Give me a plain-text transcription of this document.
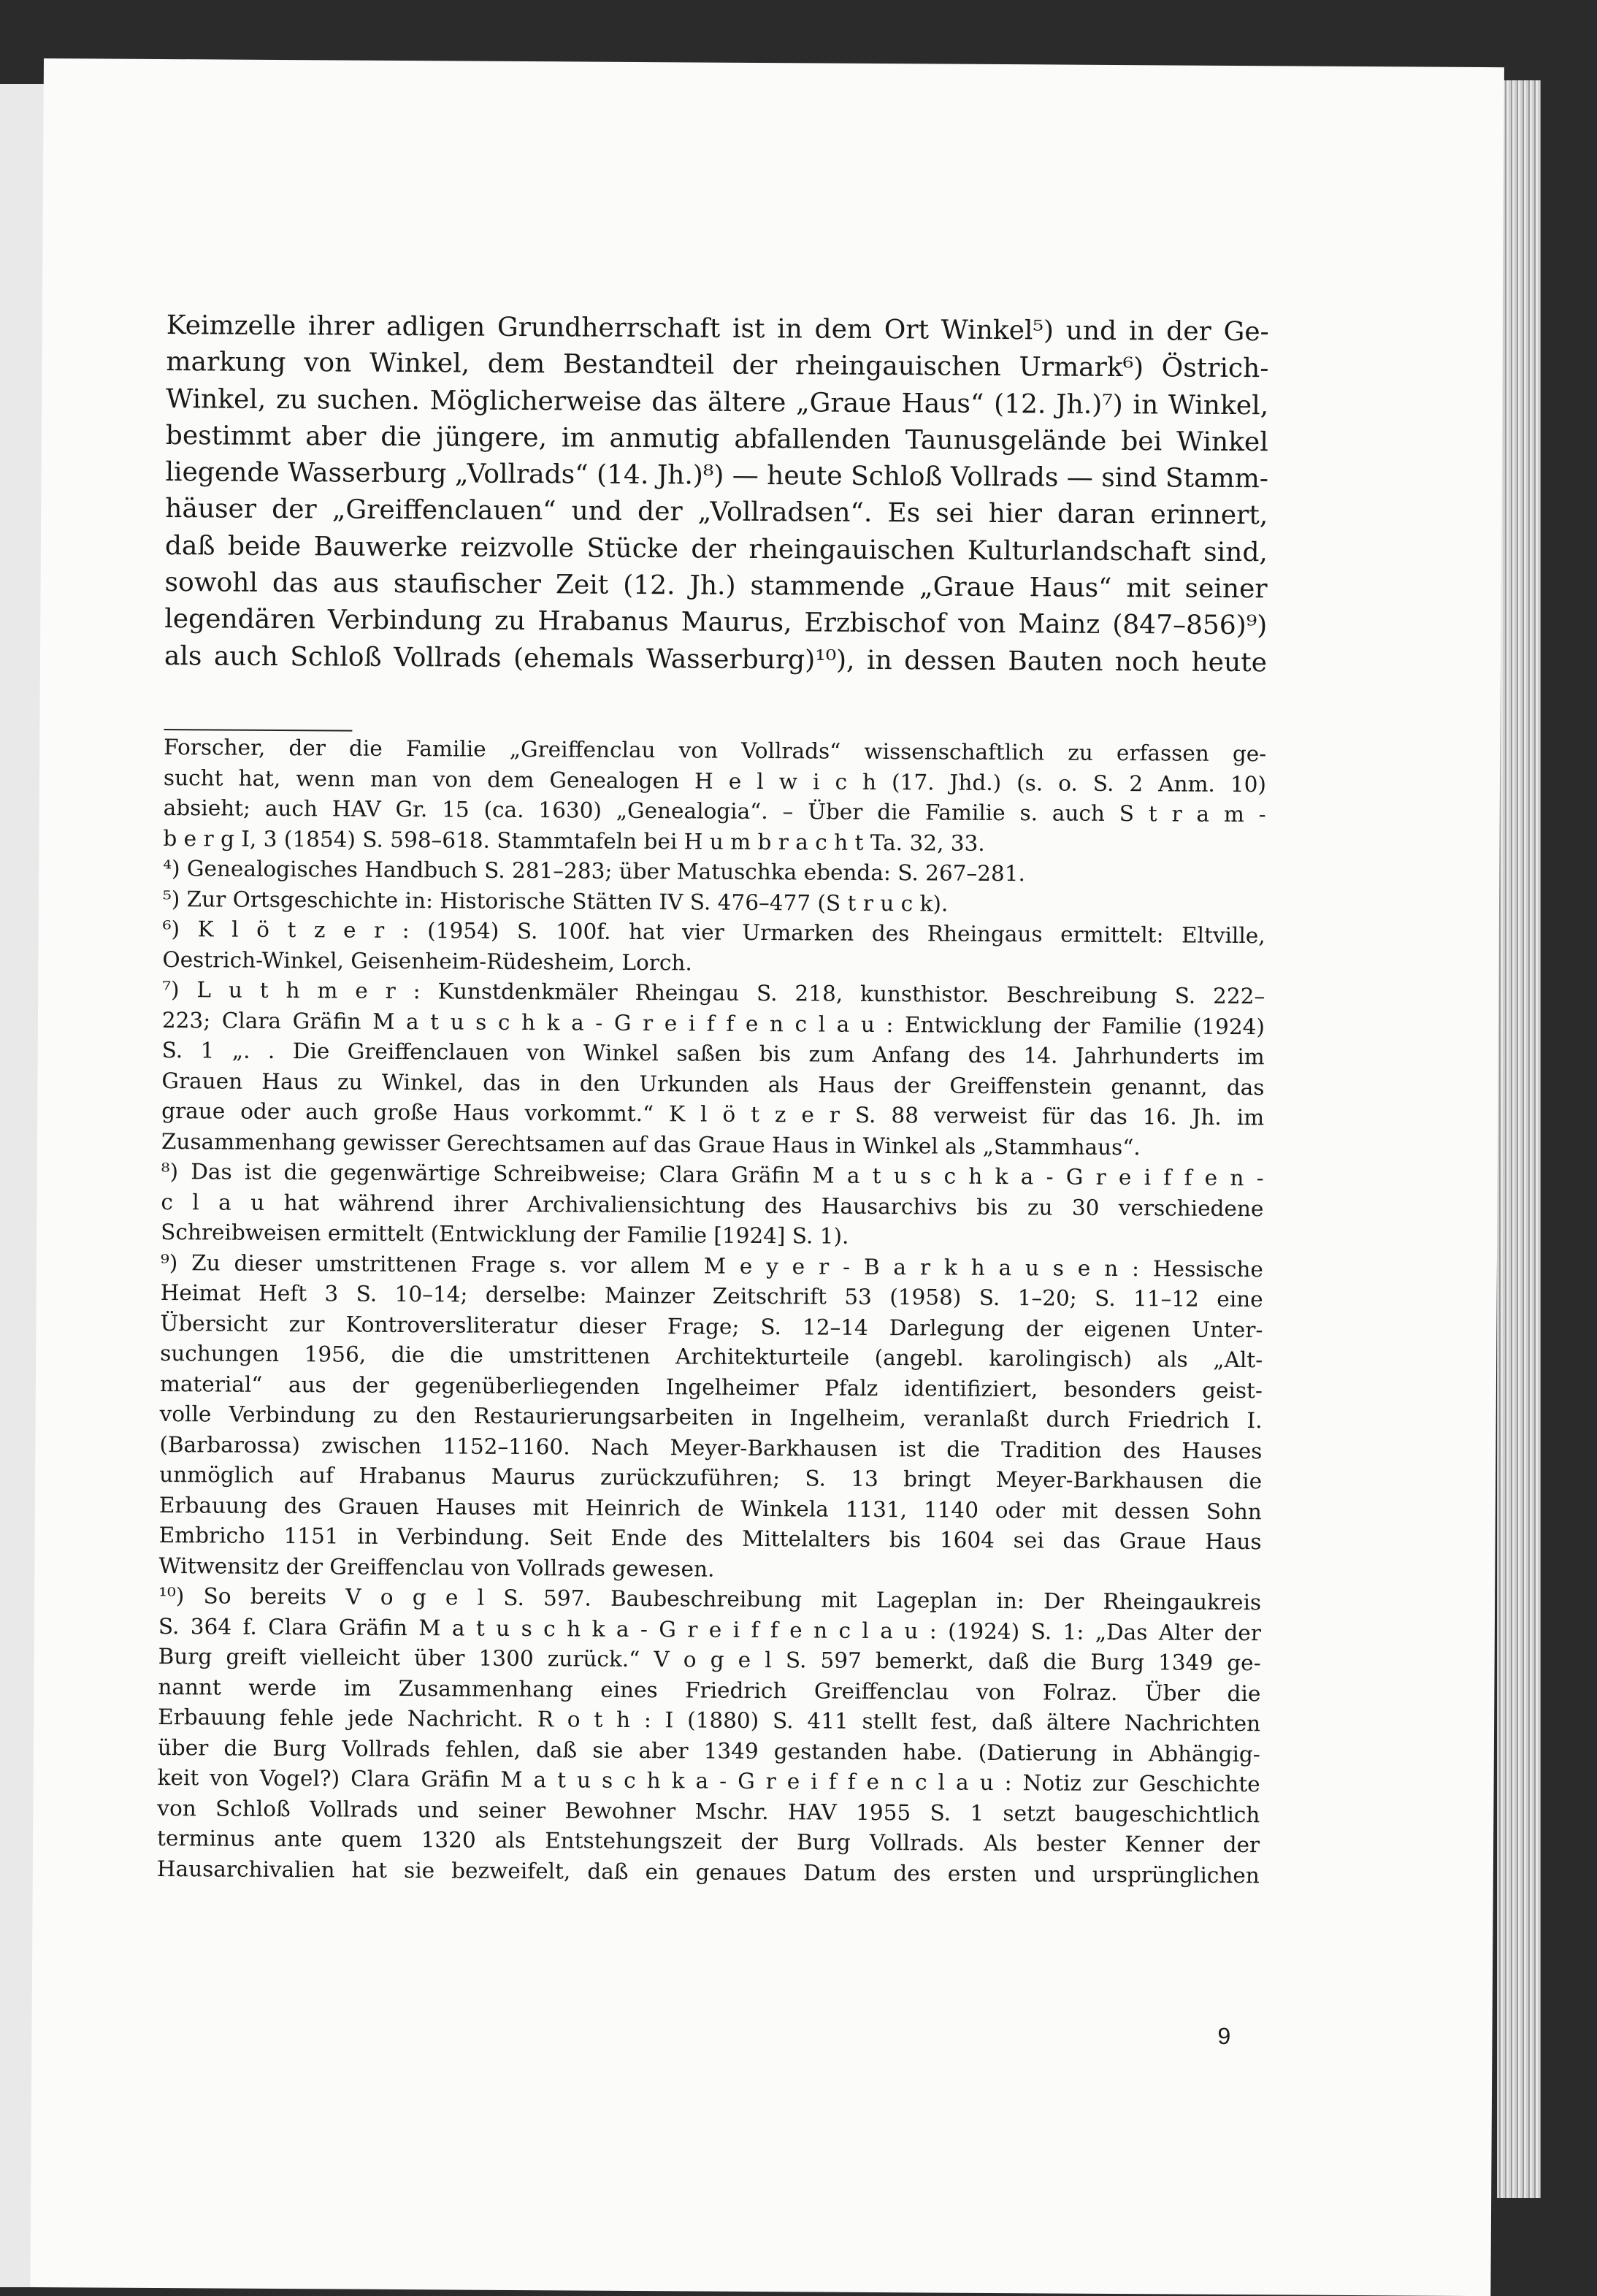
Keimzelle ihrer adligen Grundherrschaft ist in dem Ort Winkel⁵) und in der Ge-
markung von Winkel, dem Bestandteil der rheingauischen Urmark⁶) Östrich-
Winkel, zu suchen. Möglicherweise das ältere „Graue Haus“ (12. Jh.)⁷) in Winkel,
bestimmt aber die jüngere, im anmutig abfallenden Taunusgelände bei Winkel
liegende Wasserburg „Vollrads“ (14. Jh.)⁸) — heute Schloß Vollrads — sind Stamm-
häuser der „Greiffenclauen“ und der „Vollradsen“. Es sei hier daran erinnert,
daß beide Bauwerke reizvolle Stücke der rheingauischen Kulturlandschaft sind,
sowohl das aus staufischer Zeit (12. Jh.) stammende „Graue Haus“ mit seiner
legendären Verbindung zu Hrabanus Maurus, Erzbischof von Mainz (847–856)⁹)
als auch Schloß Vollrads (ehemals Wasserburg)¹⁰), in dessen Bauten noch heute
Forscher, der die Familie „Greiffenclau von Vollrads“ wissenschaftlich zu erfassen ge-
sucht hat, wenn man von dem Genealogen H e l w i c h (17. Jhd.) (s. o. S. 2 Anm. 10)
absieht; auch HAV Gr. 15 (ca. 1630) „Genealogia“. – Über die Familie s. auch S t r a m -
b e r g I, 3 (1854) S. 598–618. Stammtafeln bei H u m b r a c h t Ta. 32, 33.
⁴) Genealogisches Handbuch S. 281–283; über Matuschka ebenda: S. 267–281.
⁵) Zur Ortsgeschichte in: Historische Stätten IV S. 476–477 (S t r u c k).
⁶) K l ö t z e r : (1954) S. 100f. hat vier Urmarken des Rheingaus ermittelt: Eltville,
Oestrich-Winkel, Geisenheim-Rüdesheim, Lorch.
⁷) L u t h m e r : Kunstdenkmäler Rheingau S. 218, kunsthistor. Beschreibung S. 222–
223; Clara Gräfin M a t u s c h k a - G r e i f f e n c l a u : Entwicklung der Familie (1924)
S. 1 „. . Die Greiffenclauen von Winkel saßen bis zum Anfang des 14. Jahrhunderts im
Grauen Haus zu Winkel, das in den Urkunden als Haus der Greiffenstein genannt, das
graue oder auch große Haus vorkommt.“ K l ö t z e r S. 88 verweist für das 16. Jh. im
Zusammenhang gewisser Gerechtsamen auf das Graue Haus in Winkel als „Stammhaus“.
⁸) Das ist die gegenwärtige Schreibweise; Clara Gräfin M a t u s c h k a - G r e i f f e n -
c l a u hat während ihrer Archivaliensichtung des Hausarchivs bis zu 30 verschiedene
Schreibweisen ermittelt (Entwicklung der Familie [1924] S. 1).
⁹) Zu dieser umstrittenen Frage s. vor allem M e y e r - B a r k h a u s e n : Hessische
Heimat Heft 3 S. 10–14; derselbe: Mainzer Zeitschrift 53 (1958) S. 1–20; S. 11–12 eine
Übersicht zur Kontroversliteratur dieser Frage; S. 12–14 Darlegung der eigenen Unter-
suchungen 1956, die die umstrittenen Architekturteile (angebl. karolingisch) als „Alt-
material“ aus der gegenüberliegenden Ingelheimer Pfalz identifiziert, besonders geist-
volle Verbindung zu den Restaurierungsarbeiten in Ingelheim, veranlaßt durch Friedrich I.
(Barbarossa) zwischen 1152–1160. Nach Meyer-Barkhausen ist die Tradition des Hauses
unmöglich auf Hrabanus Maurus zurückzuführen; S. 13 bringt Meyer-Barkhausen die
Erbauung des Grauen Hauses mit Heinrich de Winkela 1131, 1140 oder mit dessen Sohn
Embricho 1151 in Verbindung. Seit Ende des Mittelalters bis 1604 sei das Graue Haus
Witwensitz der Greiffenclau von Vollrads gewesen.
¹⁰) So bereits V o g e l S. 597. Baubeschreibung mit Lageplan in: Der Rheingaukreis
S. 364 f. Clara Gräfin M a t u s c h k a - G r e i f f e n c l a u : (1924) S. 1: „Das Alter der
Burg greift vielleicht über 1300 zurück.“ V o g e l S. 597 bemerkt, daß die Burg 1349 ge-
nannt werde im Zusammenhang eines Friedrich Greiffenclau von Folraz. Über die
Erbauung fehle jede Nachricht. R o t h : I (1880) S. 411 stellt fest, daß ältere Nachrichten
über die Burg Vollrads fehlen, daß sie aber 1349 gestanden habe. (Datierung in Abhängig-
keit von Vogel?) Clara Gräfin M a t u s c h k a - G r e i f f e n c l a u : Notiz zur Geschichte
von Schloß Vollrads und seiner Bewohner Mschr. HAV 1955 S. 1 setzt baugeschichtlich
terminus ante quem 1320 als Entstehungszeit der Burg Vollrads. Als bester Kenner der
Hausarchivalien hat sie bezweifelt, daß ein genaues Datum des ersten und ursprünglichen
9
